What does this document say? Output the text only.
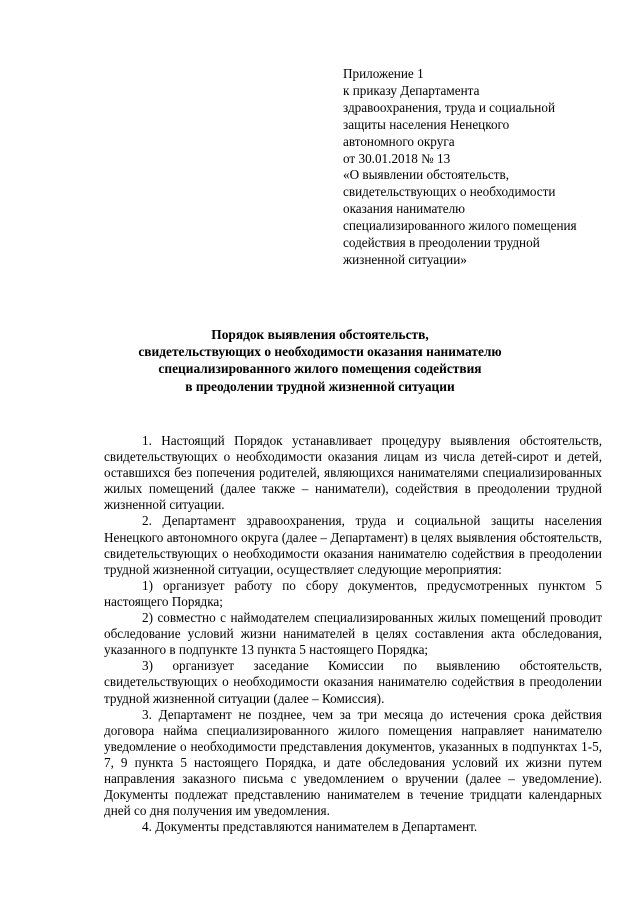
Приложение 1
к приказу Департамента
здравоохранения, труда и социальной
защиты населения Ненецкого
автономного округа
от 30.01.2018 № 13
«О выявлении обстоятельств,
свидетельствующих о необходимости
оказания нанимателю
специализированного жилого помещения
содействия в преодолении трудной
жизненной ситуации»
Порядок выявления обстоятельств,
свидетельствующих о необходимости оказания нанимателю
специализированного жилого помещения содействия
в преодолении трудной жизненной ситуации

1. Настоящий Порядок устанавливает процедуру выявления обстоятельств, свидетельствующих о необходимости оказания лицам из числа детей-сирот и детей, оставшихся без попечения родителей, являющихся нанимателями специализированных жилых помещений (далее также – наниматели), содействия в преодолении трудной жизненной ситуации.

2. Департамент здравоохранения, труда и социальной защиты населения Ненецкого автономного округа (далее – Департамент) в целях выявления обстоятельств, свидетельствующих о необходимости оказания нанимателю содействия в преодолении трудной жизненной ситуации, осуществляет следующие мероприятия:

1) организует работу по сбору документов, предусмотренных пунктом 5 настоящего Порядка;

2) совместно с наймодателем специализированных жилых помещений проводит обследование условий жизни нанимателей в целях составления акта обследования, указанного в подпункте 13 пункта 5 настоящего Порядка;

3) организует заседание Комиссии по выявлению обстоятельств, свидетельствующих о необходимости оказания нанимателю содействия в преодолении трудной жизненной ситуации (далее – Комиссия).

3. Департамент не позднее, чем за три месяца до истечения срока действия договора найма специализированного жилого помещения направляет нанимателю уведомление о необходимости представления документов, указанных в подпунктах 1-5, 7, 9 пункта 5 настоящего Порядка, и дате обследования условий их жизни путем направления заказного письма с уведомлением о вручении (далее – уведомление). Документы подлежат представлению нанимателем в течение тридцати календарных дней со дня получения им уведомления.

4. Документы представляются нанимателем в Департамент.
